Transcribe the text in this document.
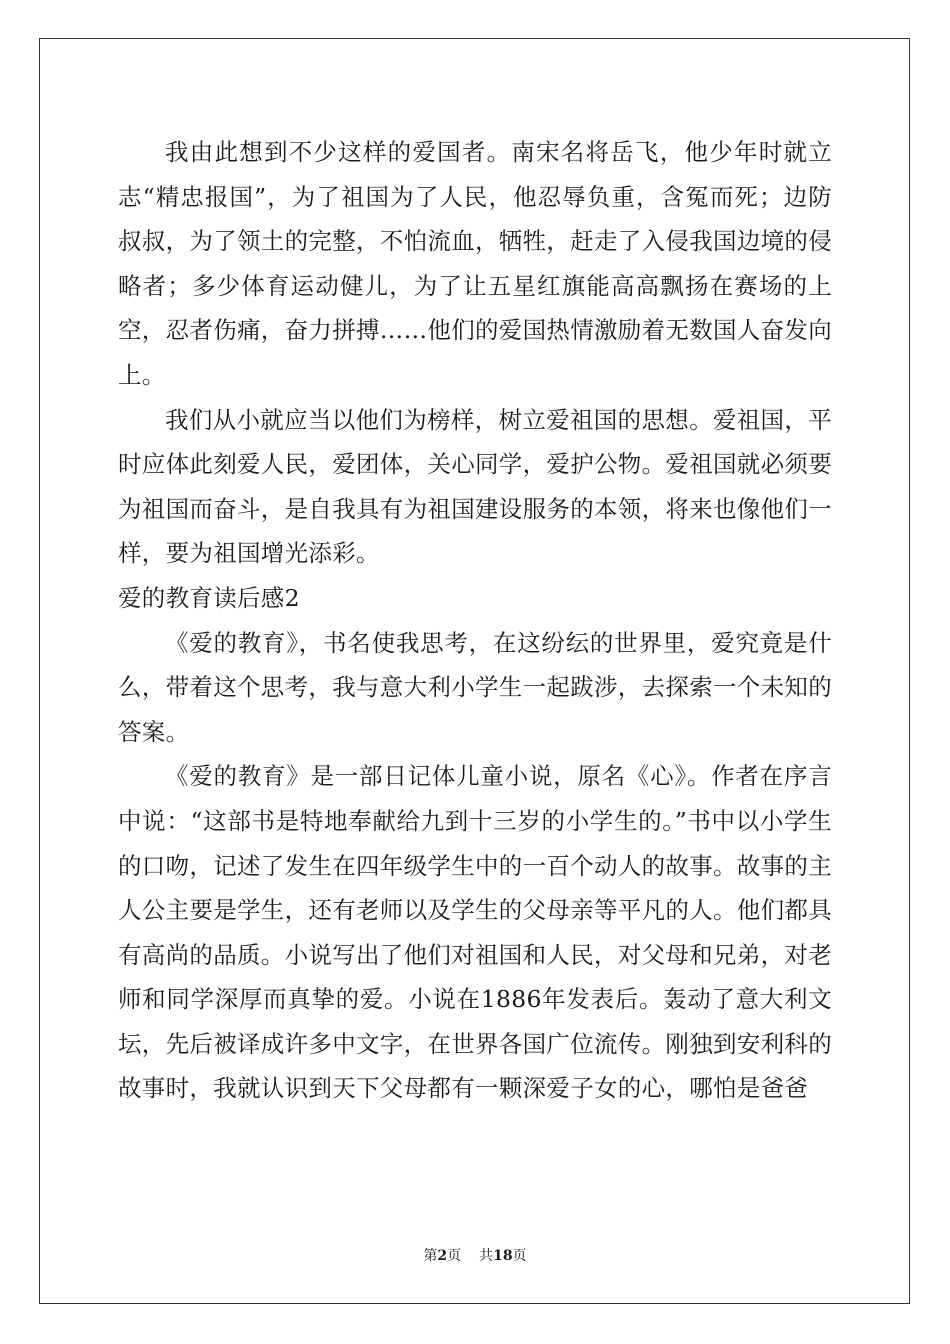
我由此想到不少这样的爱国者。南宋名将岳飞，他少年时就立志“精忠报国”，为了祖国为了人民，他忍辱负重，含冤而死；边防叔叔，为了领土的完整，不怕流血，牺牲，赶走了入侵我国边境的侵略者；多少体育运动健儿，为了让五星红旗能高高飘扬在赛场的上空，忍者伤痛，奋力拼搏……他们的爱国热情激励着无数国人奋发向上。

我们从小就应当以他们为榜样，树立爱祖国的思想。爱祖国，平时应体此刻爱人民，爱团体，关心同学，爱护公物。爱祖国就必须要为祖国而奋斗，是自我具有为祖国建设服务的本领，将来也像他们一样，要为祖国增光添彩。

爱的教育读后感2

《爱的教育》，书名使我思考，在这纷纭的世界里，爱究竟是什么，带着这个思考，我与意大利小学生一起跋涉，去探索一个未知的答案。

《爱的教育》是一部日记体儿童小说，原名《心》。作者在序言中说：“这部书是特地奉献给九到十三岁的小学生的。”书中以小学生的口吻，记述了发生在四年级学生中的一百个动人的故事。故事的主人公主要是学生，还有老师以及学生的父母亲等平凡的人。他们都具有高尚的品质。小说写出了他们对祖国和人民，对父母和兄弟，对老师和同学深厚而真挚的爱。小说在1886年发表后。轰动了意大利文坛，先后被译成许多中文字，在世界各国广位流传。刚独到安利科的故事时，我就认识到天下父母都有一颗深爱子女的心，哪怕是爸爸

第2页 共18页
